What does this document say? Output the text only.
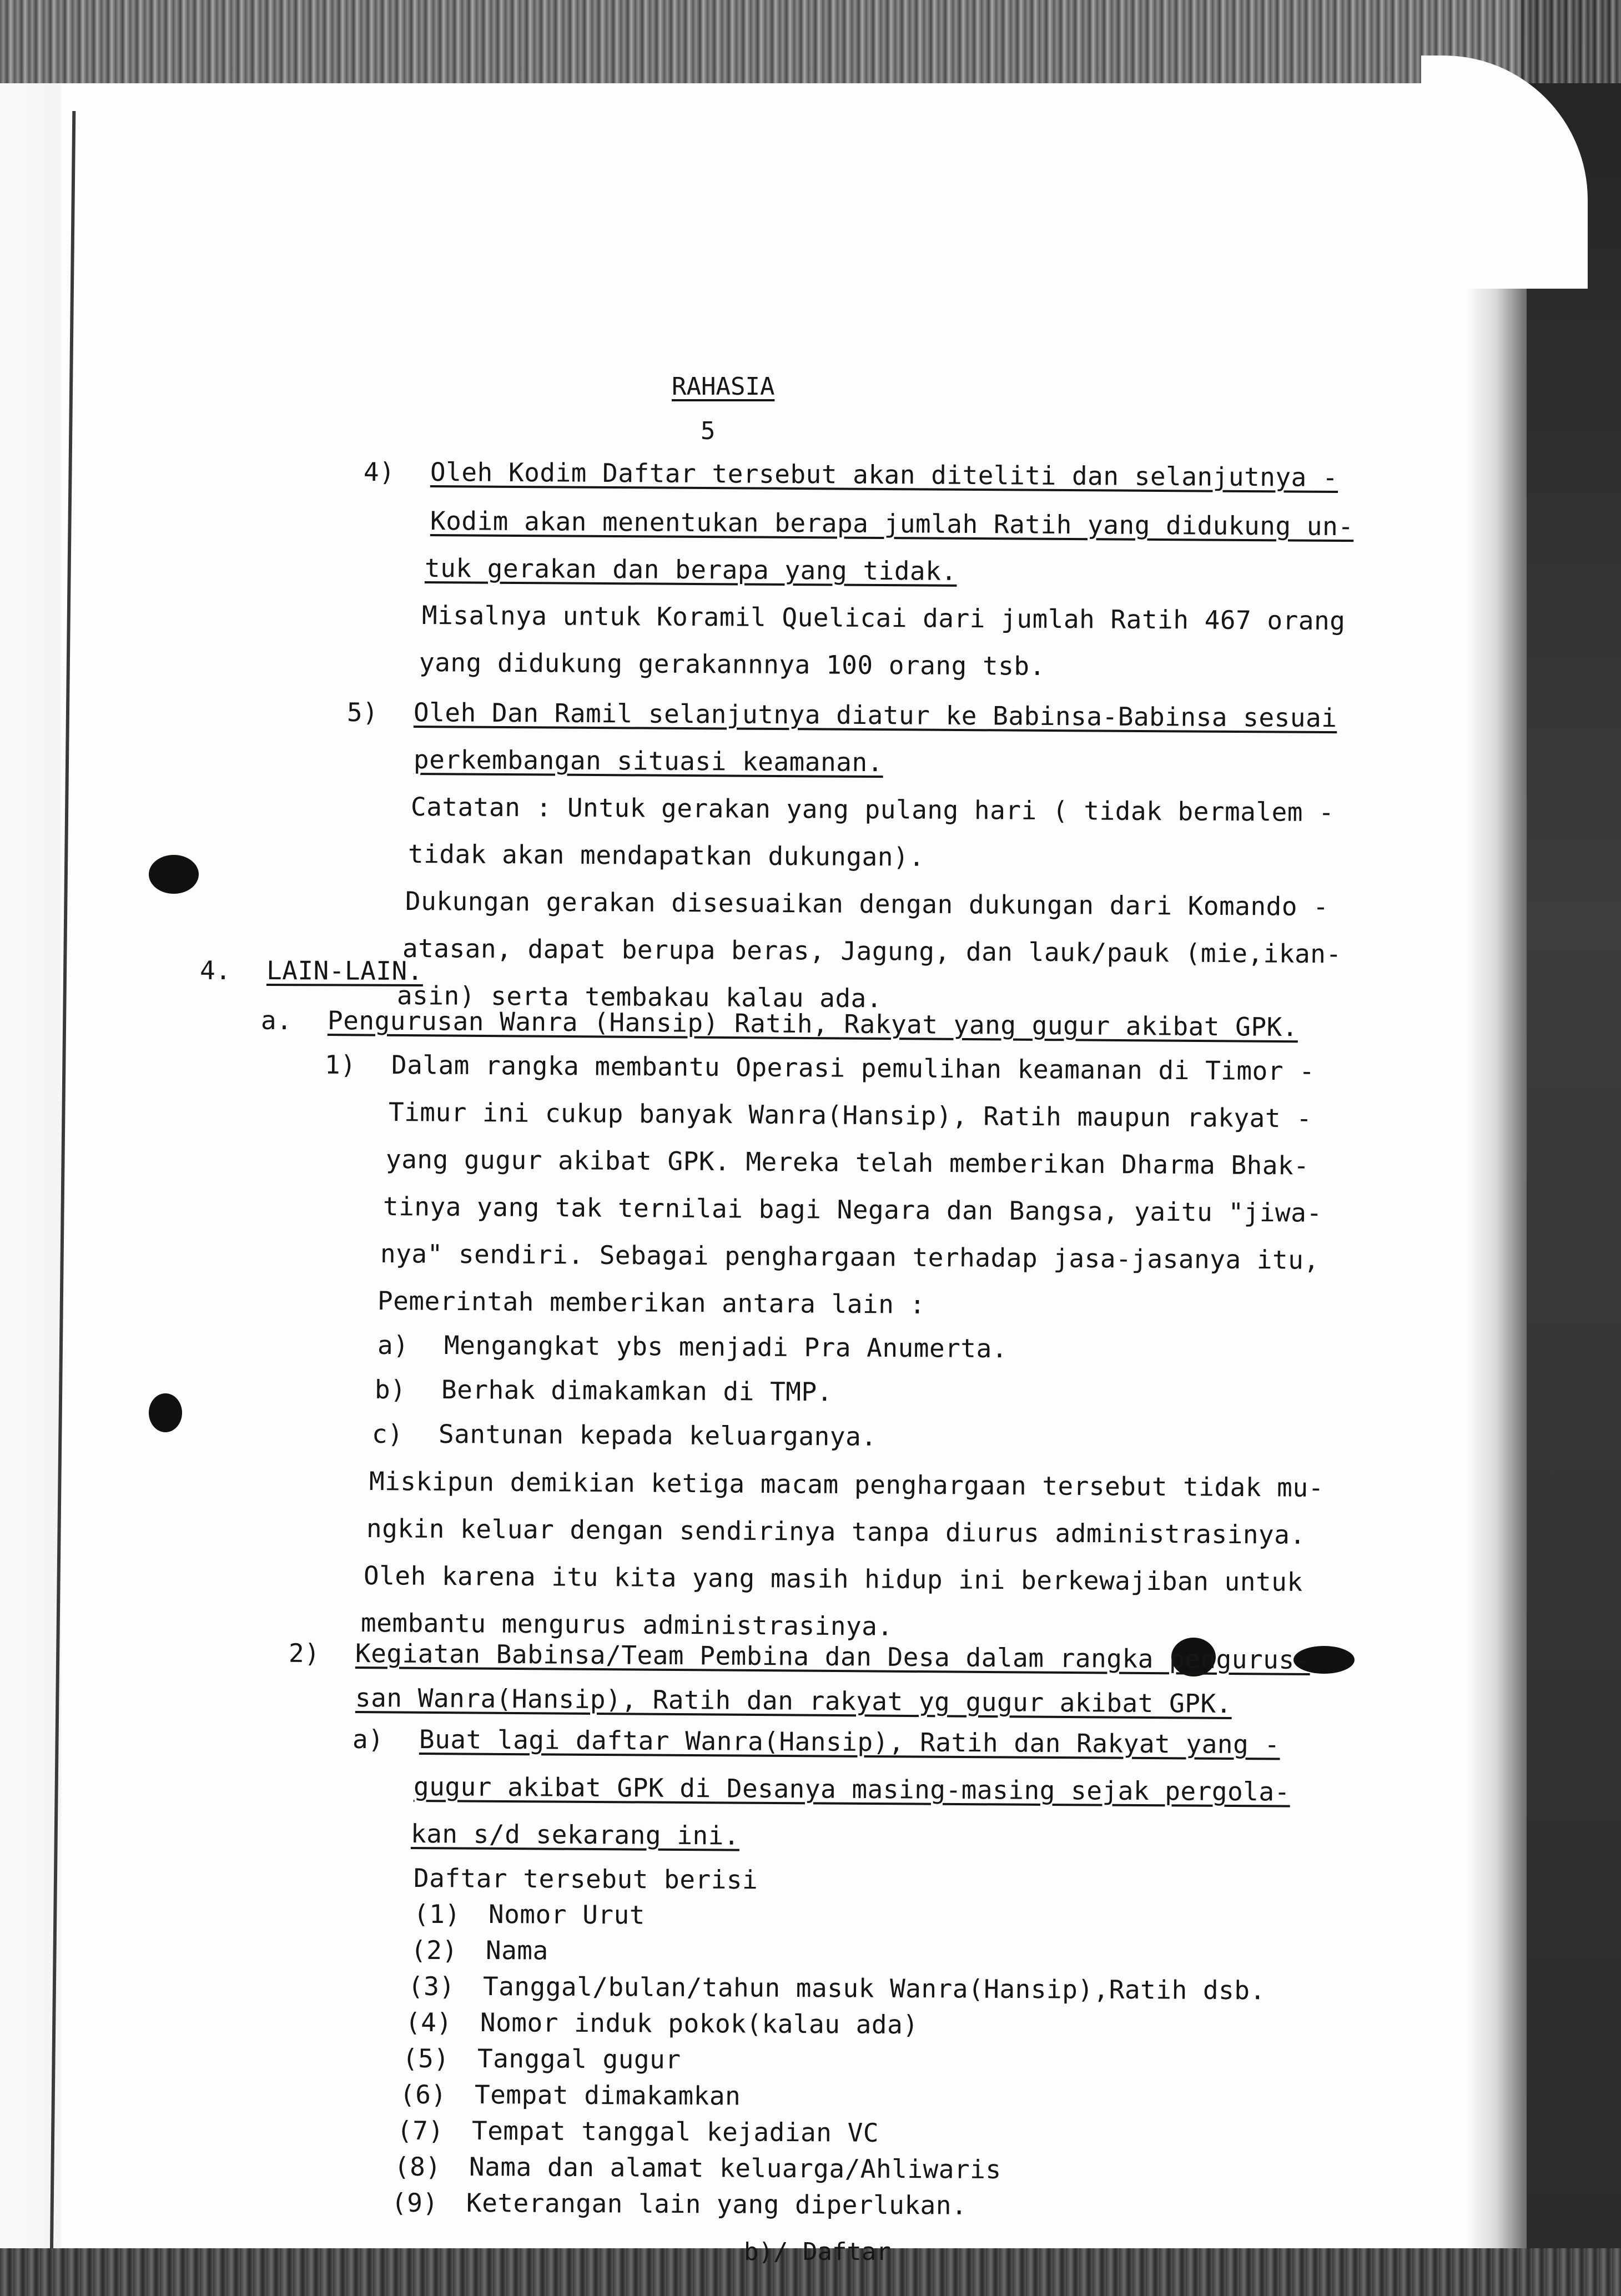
RAHASIA
5
4) Oleh Kodim Daftar tersebut akan diteliti dan selanjutnya -
Kodim akan menentukan berapa jumlah Ratih yang didukung un-
tuk gerakan dan berapa yang tidak.
Misalnya untuk Koramil Quelicai dari jumlah Ratih 467 orang
yang didukung gerakannnya 100 orang tsb.
5) Oleh Dan Ramil selanjutnya diatur ke Babinsa-Babinsa sesuai
perkembangan situasi keamanan.
Catatan : Untuk gerakan yang pulang hari ( tidak bermalem -
tidak akan mendapatkan dukungan).
Dukungan gerakan disesuaikan dengan dukungan dari Komando -
atasan, dapat berupa beras, Jagung, dan lauk/pauk (mie,ikan-
asin) serta tembakau kalau ada.
4. LAIN-LAIN.
a. Pengurusan Wanra (Hansip) Ratih, Rakyat yang gugur akibat GPK.
1) Dalam rangka membantu Operasi pemulihan keamanan di Timor -
Timur ini cukup banyak Wanra(Hansip), Ratih maupun rakyat -
yang gugur akibat GPK. Mereka telah memberikan Dharma Bhak-
tinya yang tak ternilai bagi Negara dan Bangsa, yaitu "jiwa-
nya" sendiri. Sebagai penghargaan terhadap jasa-jasanya itu,
Pemerintah memberikan antara lain :
a) Mengangkat ybs menjadi Pra Anumerta.
b) Berhak dimakamkan di TMP.
c) Santunan kepada keluarganya.
Miskipun demikian ketiga macam penghargaan tersebut tidak mu-
ngkin keluar dengan sendirinya tanpa diurus administrasinya.
Oleh karena itu kita yang masih hidup ini berkewajiban untuk
membantu mengurus administrasinya.
2) Kegiatan Babinsa/Team Pembina dan Desa dalam rangka pengurus-
san Wanra(Hansip), Ratih dan rakyat yg gugur akibat GPK.
a) Buat lagi daftar Wanra(Hansip), Ratih dan Rakyat yang -
gugur akibat GPK di Desanya masing-masing sejak pergola-
kan s/d sekarang ini.
Daftar tersebut berisi
(1) Nomor Urut
(2) Nama
(3) Tanggal/bulan/tahun masuk Wanra(Hansip),Ratih dsb.
(4) Nomor induk pokok(kalau ada)
(5) Tanggal gugur
(6) Tempat dimakamkan
(7) Tempat tanggal kejadian VC
(8) Nama dan alamat keluarga/Ahliwaris
(9) Keterangan lain yang diperlukan.
b)/ Daftar
